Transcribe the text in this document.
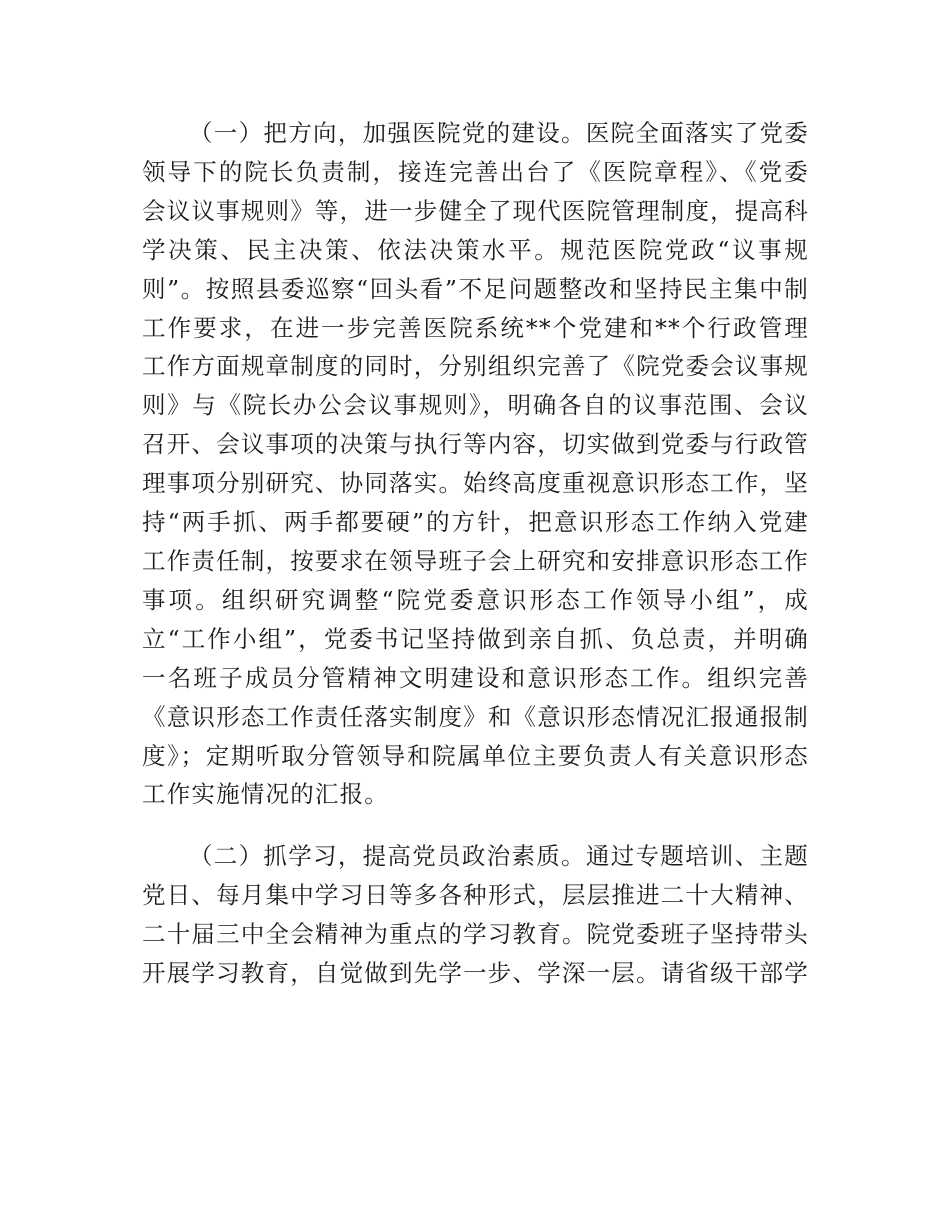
（一）把方向，加强医院党的建设。医院全面落实了党委领导下的院长负责制，接连完善出台了《医院章程》、《党委会议议事规则》等，进一步健全了现代医院管理制度，提高科学决策、民主决策、依法决策水平。规范医院党政“议事规则”。按照县委巡察“回头看”不足问题整改和坚持民主集中制工作要求，在进一步完善医院系统**个党建和**个行政管理工作方面规章制度的同时，分别组织完善了《院党委会议事规则》与《院长办公会议事规则》，明确各自的议事范围、会议召开、会议事项的决策与执行等内容，切实做到党委与行政管理事项分别研究、协同落实。始终高度重视意识形态工作，坚持“两手抓、两手都要硬”的方针，把意识形态工作纳入党建工作责任制，按要求在领导班子会上研究和安排意识形态工作事项。组织研究调整“院党委意识形态工作领导小组”，成立“工作小组”，党委书记坚持做到亲自抓、负总责，并明确一名班子成员分管精神文明建设和意识形态工作。组织完善《意识形态工作责任落实制度》和《意识形态情况汇报通报制度》；定期听取分管领导和院属单位主要负责人有关意识形态工作实施情况的汇报。

（二）抓学习，提高党员政治素质。通过专题培训、主题党日、每月集中学习日等多各种形式，层层推进二十大精神、二十届三中全会精神为重点的学习教育。院党委班子坚持带头开展学习教育，自觉做到先学一步、学深一层。请省级干部学
